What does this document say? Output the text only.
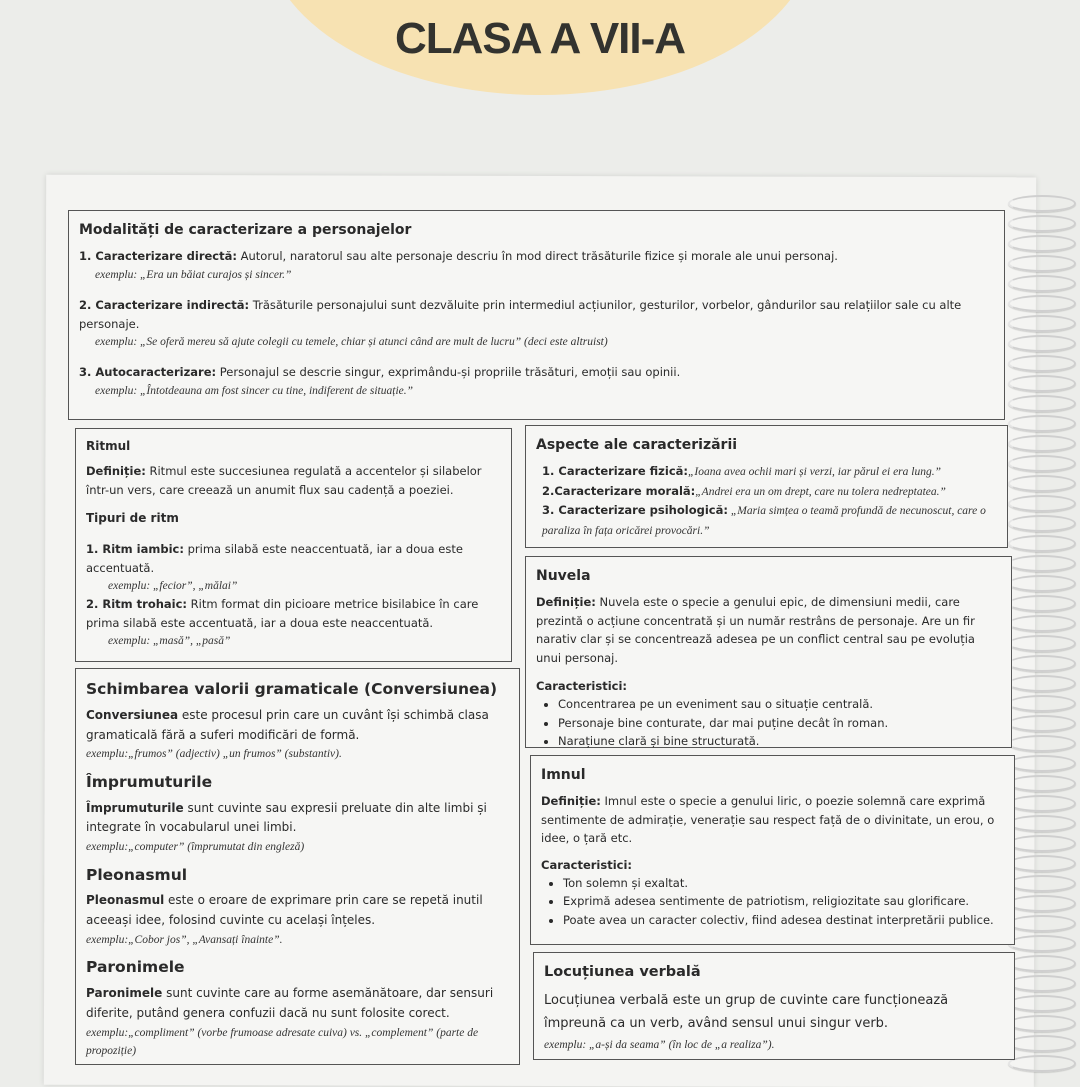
CLASA A VII-A
Modalități de caracterizare a personajelor

1. Caracterizare directă: Autorul, naratorul sau alte personaje descriu în mod direct trăsăturile fizice și morale ale unui personaj.

exemplu: „Era un băiat curajos și sincer.”

2. Caracterizare indirectă: Trăsăturile personajului sunt dezvăluite prin intermediul acțiunilor, gesturilor, vorbelor, gândurilor sau relațiilor sale cu alte personaje.

exemplu: „Se oferă mereu să ajute colegii cu temele, chiar și atunci când are mult de lucru” (deci este altruist)

3. Autocaracterizare: Personajul se descrie singur, exprimându-și propriile trăsături, emoții sau opinii.

exemplu: „Întotdeauna am fost sincer cu tine, indiferent de situație.”
Ritmul

Definiție: Ritmul este succesiunea regulată a accentelor și silabelor într-un vers, care creează un anumit flux sau cadență a poeziei.

Tipuri de ritm

1. Ritm iambic: prima silabă este neaccentuată, iar a doua este accentuată.

exemplu: „fecior”, „mălai”

2. Ritm trohaic: Ritm format din picioare metrice bisilabice în care prima silabă este accentuată, iar a doua este neaccentuată.

exemplu: „masă”, „pasă”
Aspecte ale caracterizării

1. Caracterizare fizică:„Ioana avea ochii mari și verzi, iar părul ei era lung.”

2.Caracterizare morală:„Andrei era un om drept, care nu tolera nedreptatea.”

3. Caracterizare psihologică: „Maria simțea o teamă profundă de necunoscut, care o paraliza în fața oricărei provocări.”

Nuvela

Definiție: Nuvela este o specie a genului epic, de dimensiuni medii, care prezintă o acțiune concentrată și un număr restrâns de personaje. Are un fir narativ clar și se concentrează adesea pe un conflict central sau pe evoluția unui personaj.

Caracteristici:
• Concentrarea pe un eveniment sau o situație centrală.
• Personaje bine conturate, dar mai puține decât în roman.
• Narațiune clară și bine structurată.
Schimbarea valorii gramaticale (Conversiunea)

Conversiunea este procesul prin care un cuvânt își schimbă clasa gramaticală fără a suferi modificări de formă.

exemplu:„frumos” (adjectiv) „un frumos” (substantiv).
Împrumuturile

Împrumuturile sunt cuvinte sau expresii preluate din alte limbi și integrate în vocabularul unei limbi.

exemplu:„computer” (împrumutat din engleză)
Pleonasmul

Pleonasmul este o eroare de exprimare prin care se repetă inutil aceeași idee, folosind cuvinte cu același înțeles.

exemplu:„Cobor jos”, „Avansați înainte”.
Paronimele

Paronimele sunt cuvinte care au forme asemănătoare, dar sensuri diferite, putând genera confuzii dacă nu sunt folosite corect.

exemplu:„compliment” (vorbe frumoase adresate cuiva) vs. „complement” (parte de propoziție)
Imnul

Definiție: Imnul este o specie a genului liric, o poezie solemnă care exprimă sentimente de admirație, venerație sau respect față de o divinitate, un erou, o idee, o țară etc.

Caracteristici:
• Ton solemn și exaltat.
• Exprimă adesea sentimente de patriotism, religiozitate sau glorificare.
• Poate avea un caracter colectiv, fiind adesea destinat interpretării publice.
Locuțiunea verbală

Locuțiunea verbală este un grup de cuvinte care funcționează împreună ca un verb, având sensul unui singur verb.

exemplu: „a-și da seama” (în loc de „a realiza”).
